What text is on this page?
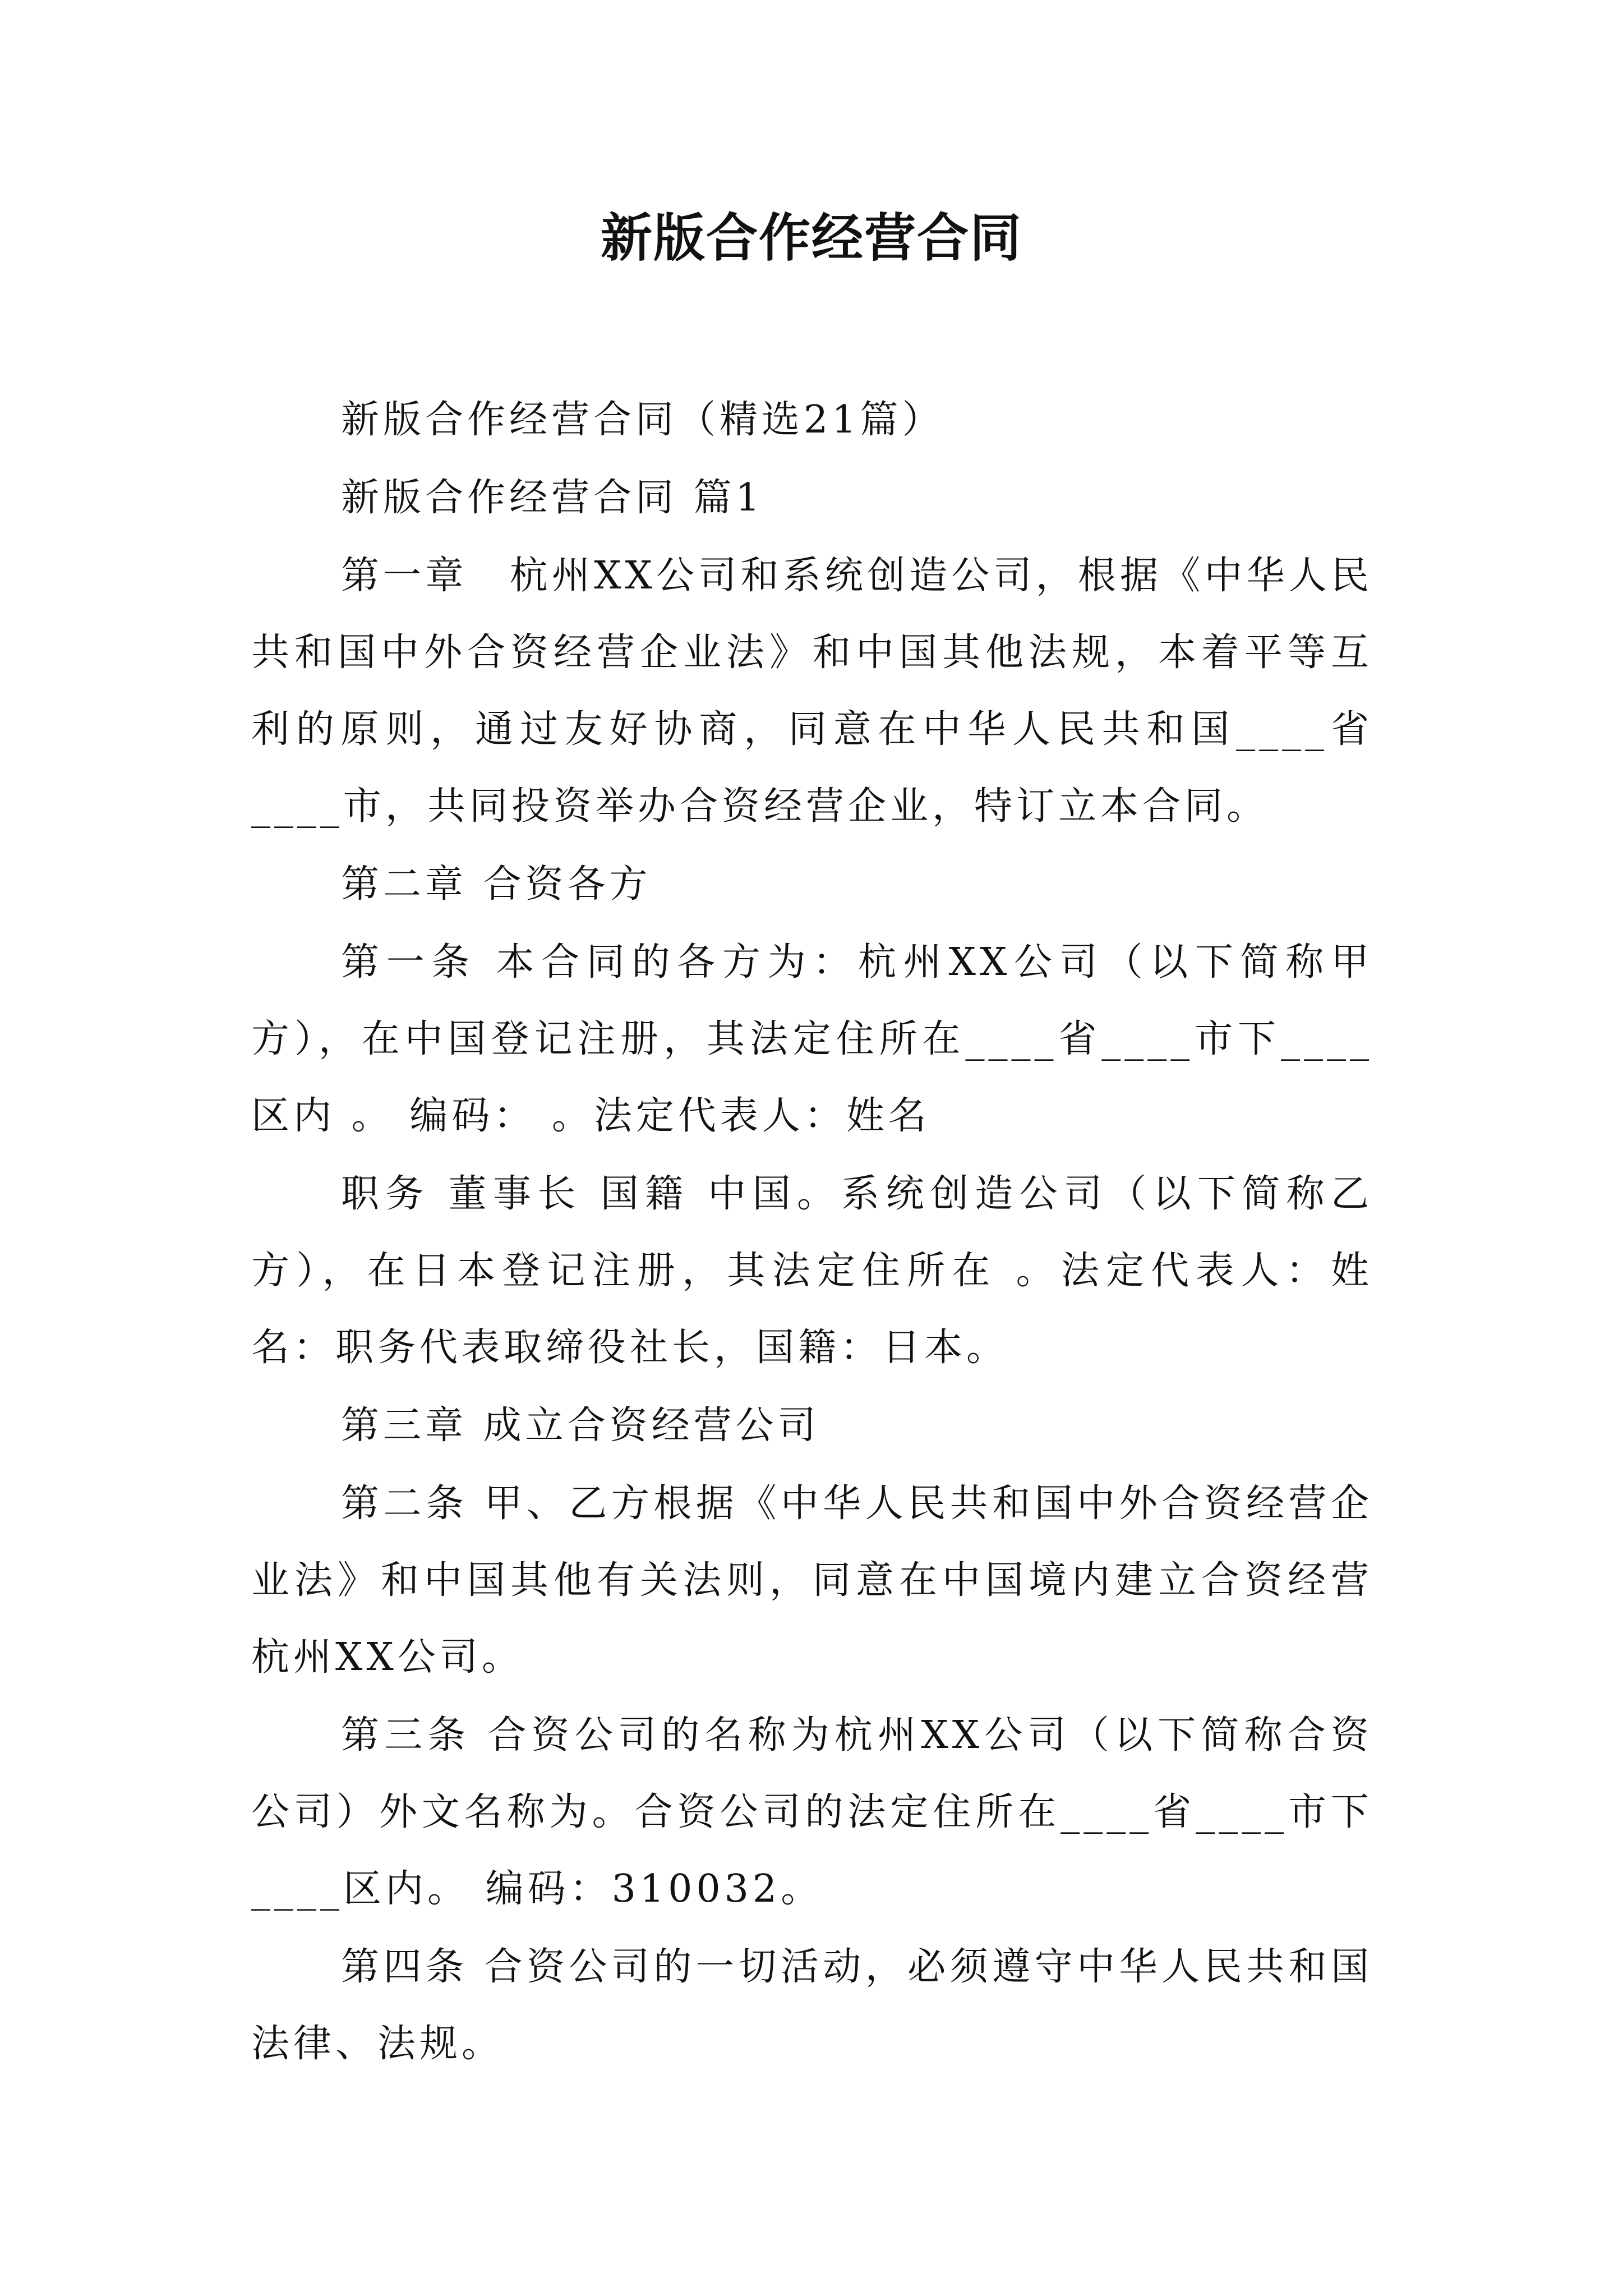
新版合作经营合同

新版合作经营合同（精选21篇）

新版合作经营合同 篇1

第一章　杭州XX公司和系统创造公司，根据《中华人民共和国中外合资经营企业法》和中国其他法规，本着平等互利的原则，通过友好协商，同意在中华人民共和国____省____市，共同投资举办合资经营企业，特订立本合同。

第二章 合资各方

第一条 本合同的各方为：杭州XX公司（以下简称甲方），在中国登记注册，其法定住所在____省____市下____区内 。 编码： 。法定代表人：姓名

职务 董事长 国籍 中国。系统创造公司（以下简称乙方），在日本登记注册，其法定住所在 。法定代表人：姓名：职务代表取缔役社长，国籍：日本。

第三章 成立合资经营公司

第二条 甲、乙方根据《中华人民共和国中外合资经营企业法》和中国其他有关法则，同意在中国境内建立合资经营杭州XX公司。

第三条 合资公司的名称为杭州XX公司（以下简称合资公司）外文名称为。合资公司的法定住所在____省____市下____区内。 编码：310032。

第四条 合资公司的一切活动，必须遵守中华人民共和国法律、法规。
